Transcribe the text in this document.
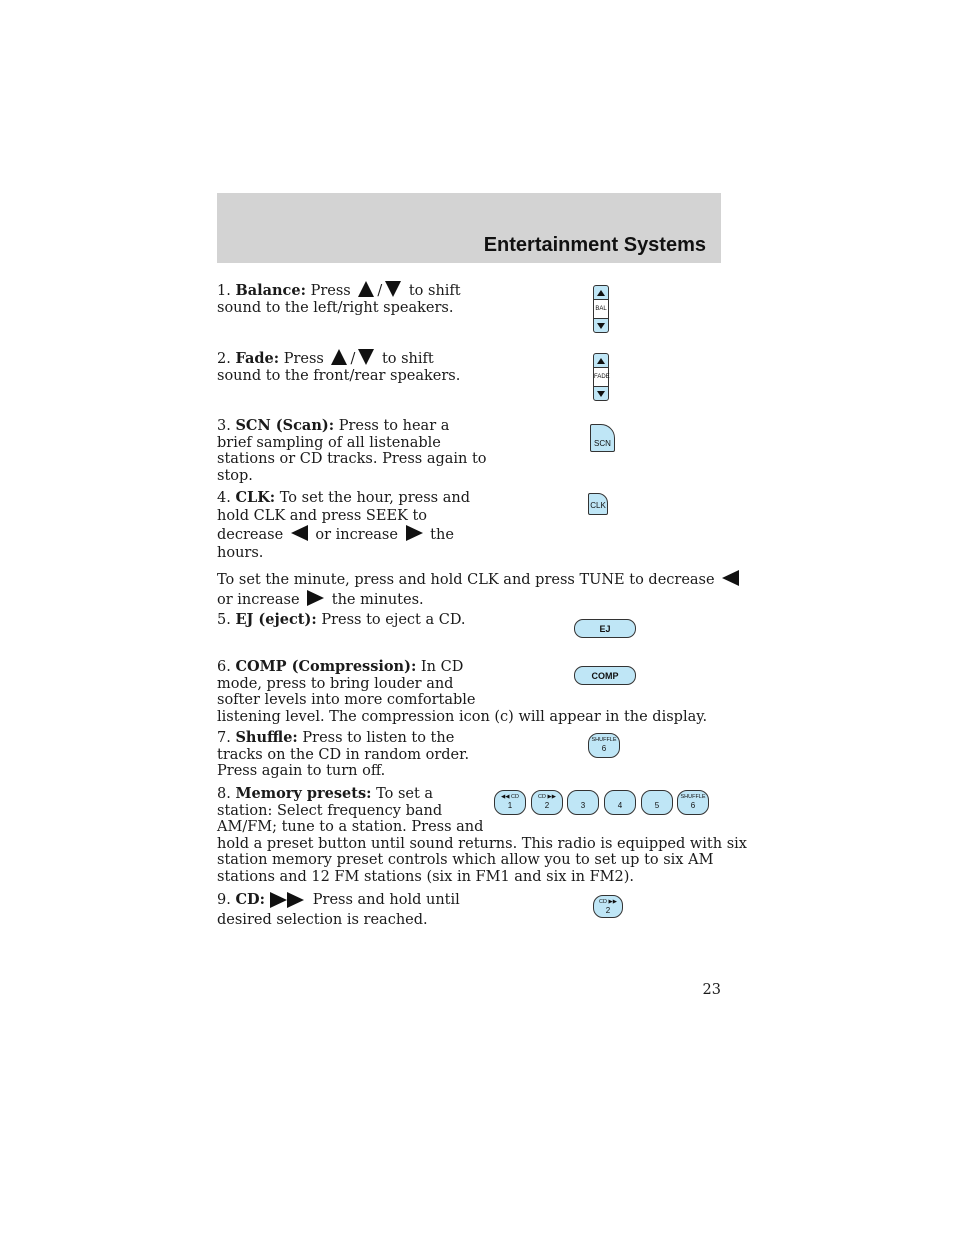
Entertainment Systems
1. Balance: Press / to shift
sound to the left/right speakers.	BAL
2. Fade: Press / to shift
sound to the front/rear speakers.	FADE
3. SCN (Scan): Press to hear a
brief sampling of all listenable
stations or CD tracks. Press again to
stop.
SCN
4. CLK: To set the hour, press and
hold CLK and press SEEK to
decrease or increase the
hours.
CLK
To set the minute, press and hold CLK and press TUNE to decrease
or increase the minutes.
5. EJ (eject): Press to eject a CD.
EJ
6. COMP (Compression): In CD
mode, press to bring louder and
softer levels into more comfortable
listening level. The compression icon (c) will appear in the display.
COMP
7. Shuffle: Press to listen to the
tracks on the CD in random order.
Press again to turn off.
SHUFFLE
6
8. Memory presets: To set a
station: Select frequency band
AM/FM; tune to a station. Press and
hold a preset button until sound returns. This radio is equipped with six
station memory preset controls which allow you to set up to six AM
stations and 12 FM stations (six in FM1 and six in FM2).
◀◀ CD
1
CD ▶▶
2	3	4	5
SHUFFLE
6
9. CD:	Press and hold until
desired selection is reached.
CD ▶▶
2
23
